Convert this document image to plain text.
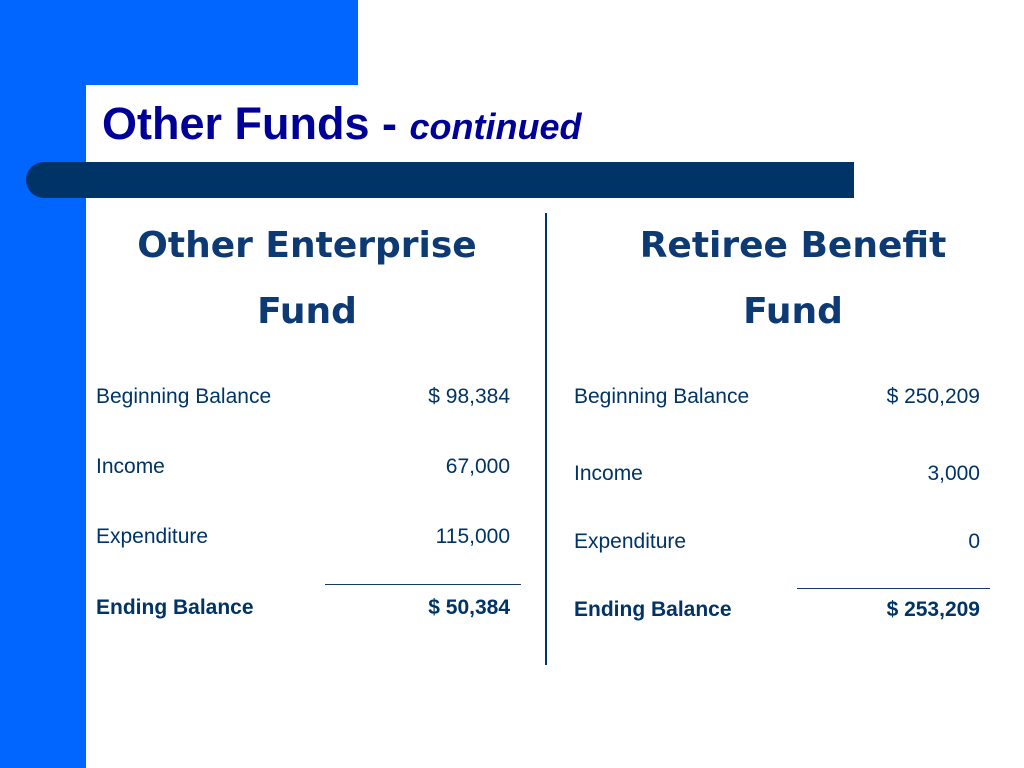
Other Funds - continued
Other Enterprise
Fund
Beginning Balance	$ 98,384
Income	67,000
Expenditure	115,000
Ending Balance	$ 50,384
Retiree Benefit
Fund
Beginning Balance	$ 250,209
Income	3,000
Expenditure	0
Ending Balance	$ 253,209
